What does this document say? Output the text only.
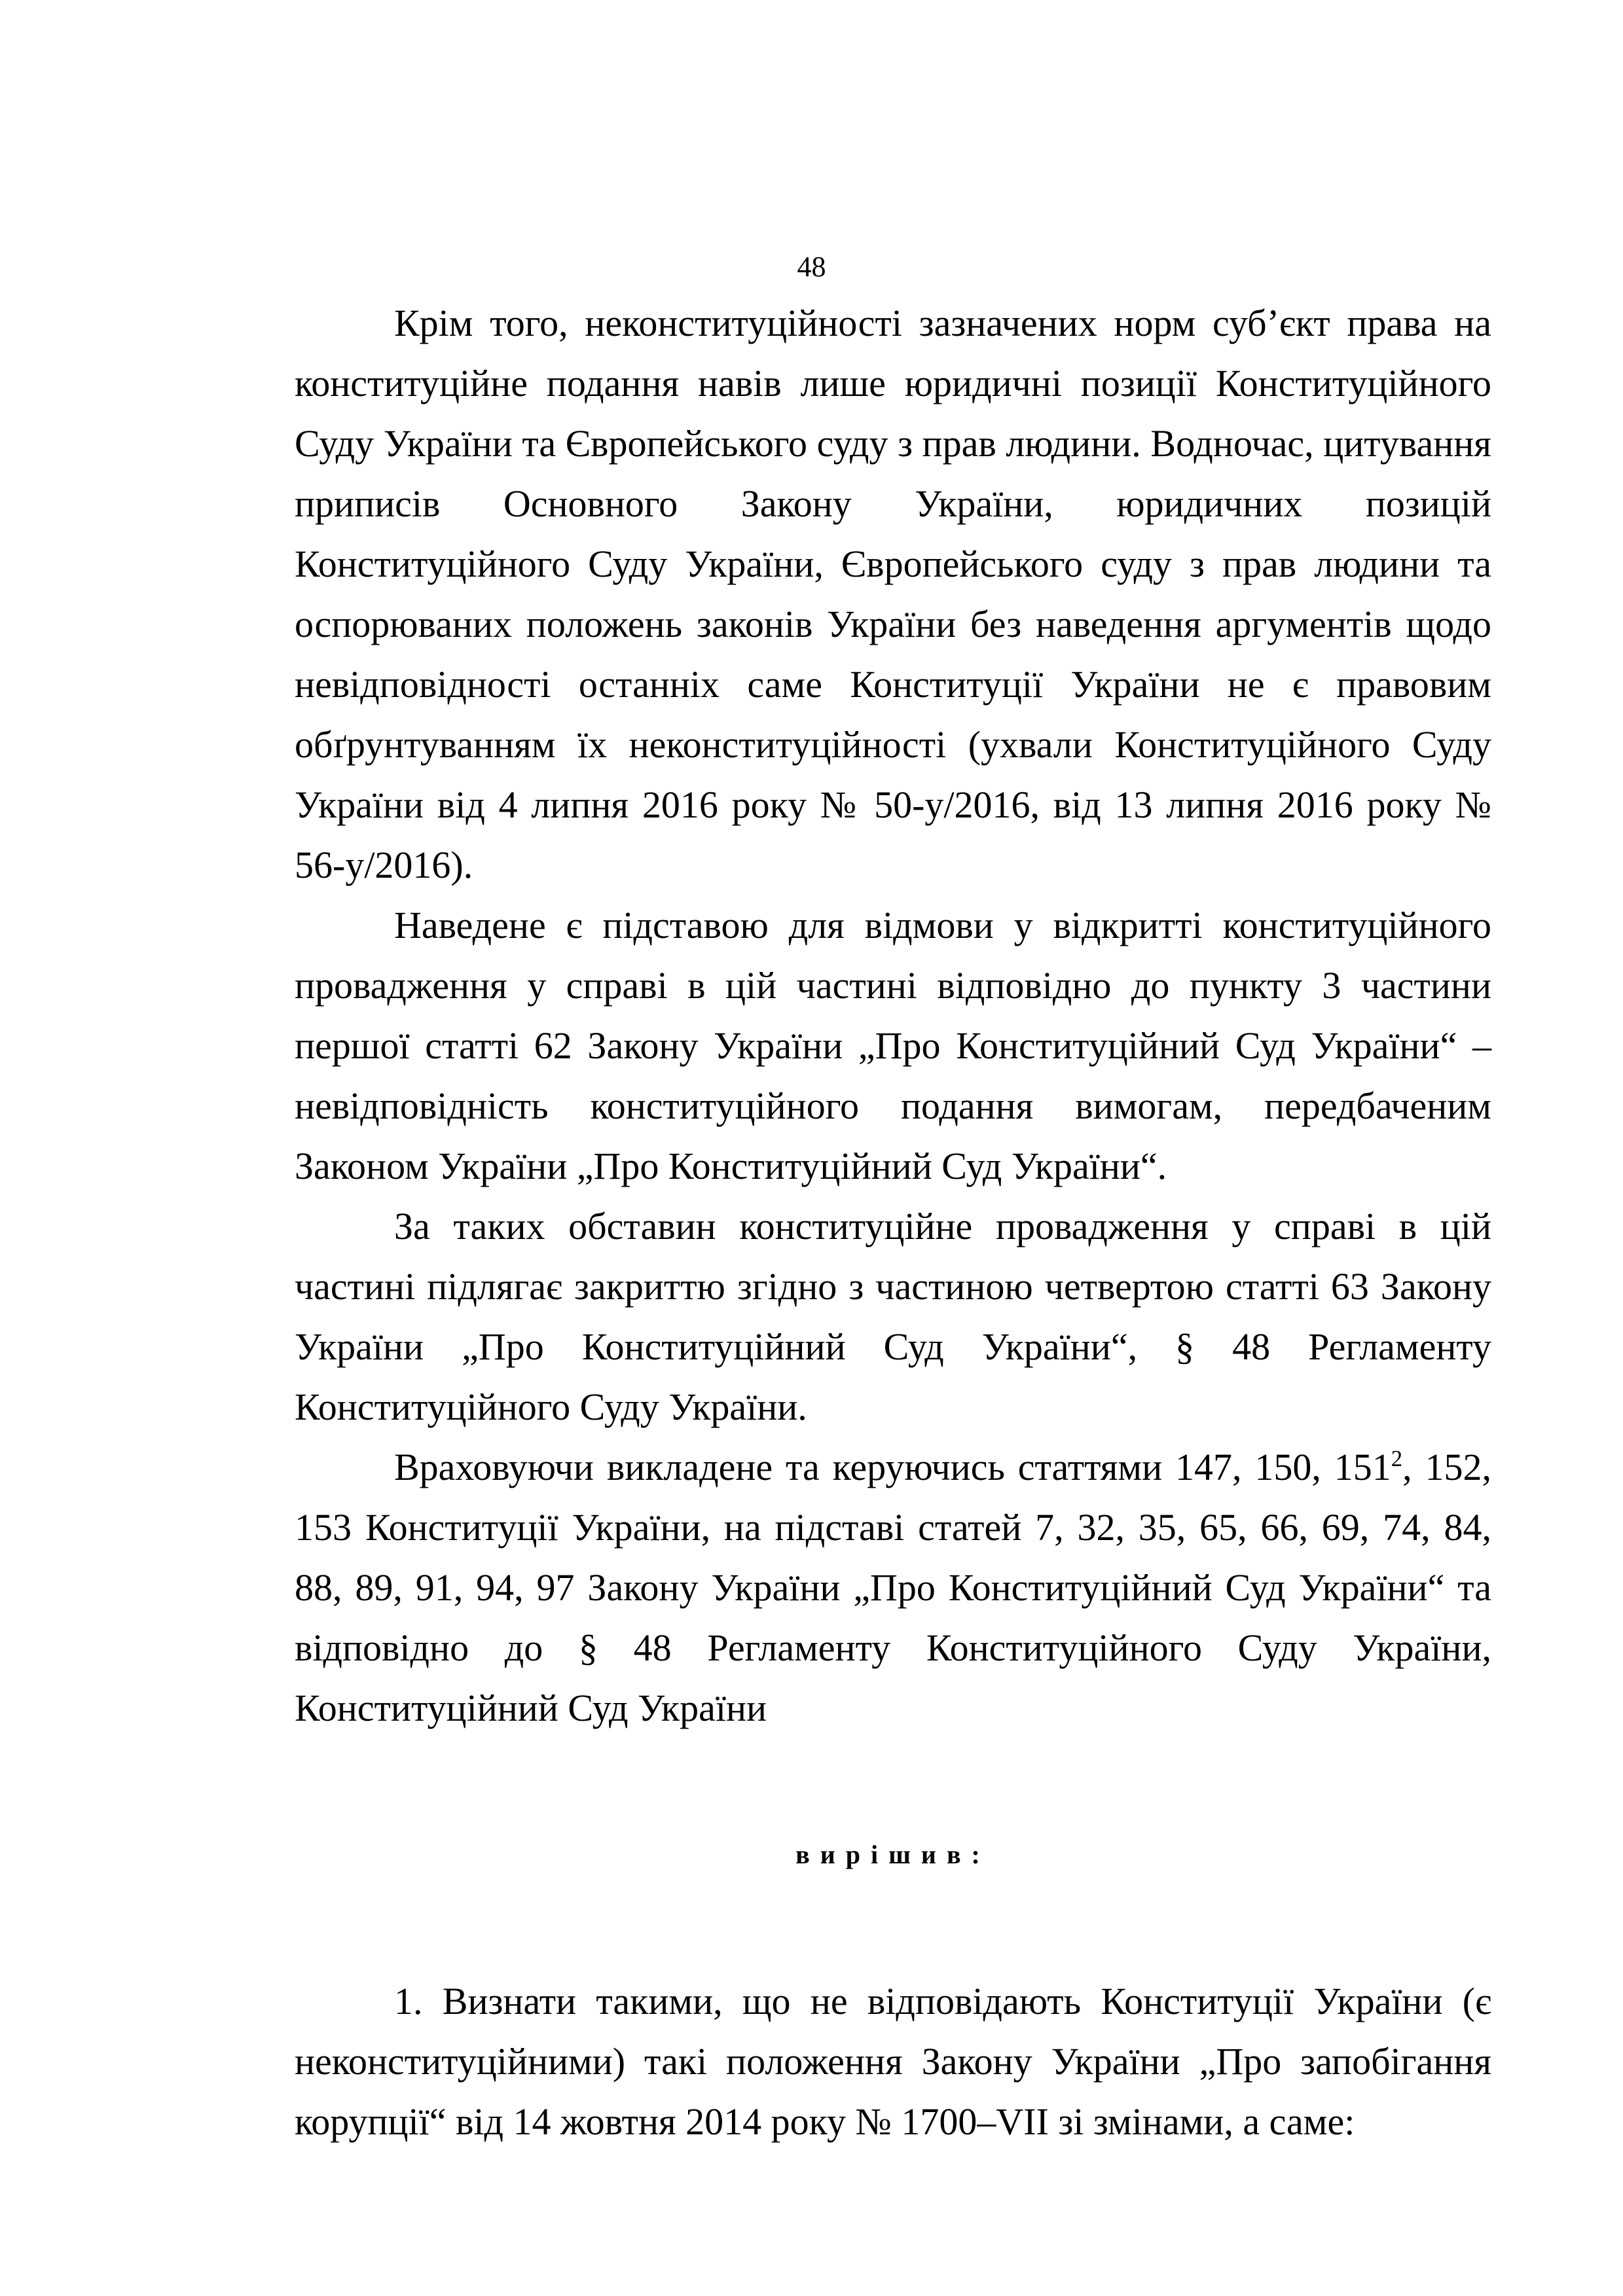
48

Крім того, неконституційності зазначених норм суб’єкт права на конституційне подання навів лише юридичні позиції Конституційного Суду України та Європейського суду з прав людини. Водночас, цитування приписів Основного Закону України, юридичних позицій Конституційного Суду України, Європейського суду з прав людини та оспорюваних положень законів України без наведення аргументів щодо невідповідності останніх саме Конституції України не є правовим обґрунтуванням їх неконституційності (ухвали Конституційного Суду України від 4 липня 2016 року № 50-у/2016, від 13 липня 2016 року № 56-у/2016).

Наведене є підставою для відмови у відкритті конституційного провадження у справі в цій частині відповідно до пункту 3 частини першої статті 62 Закону України „Про Конституційний Суд України“ – невідповідність конституційного подання вимогам, передбаченим Законом України „Про Конституційний Суд України“.

За таких обставин конституційне провадження у справі в цій частині підлягає закриттю згідно з частиною четвертою статті 63 Закону України „Про Конституційний Суд України“, § 48 Регламенту Конституційного Суду України.

Враховуючи викладене та керуючись статтями 147, 150, $151^2$, 152, 153 Конституції України, на підставі статей 7, 32, 35, 65, 66, 69, 74, 84, 88, 89, 91, 94, 97 Закону України „Про Конституційний Суд України“ та відповідно до § 48 Регламенту Конституційного Суду України, Конституційний Суд України

вирішив:

1. Визнати такими, що не відповідають Конституції України (є неконституційними) такі положення Закону України „Про запобігання корупції“ від 14 жовтня 2014 року № 1700–VII зі змінами, а саме:
